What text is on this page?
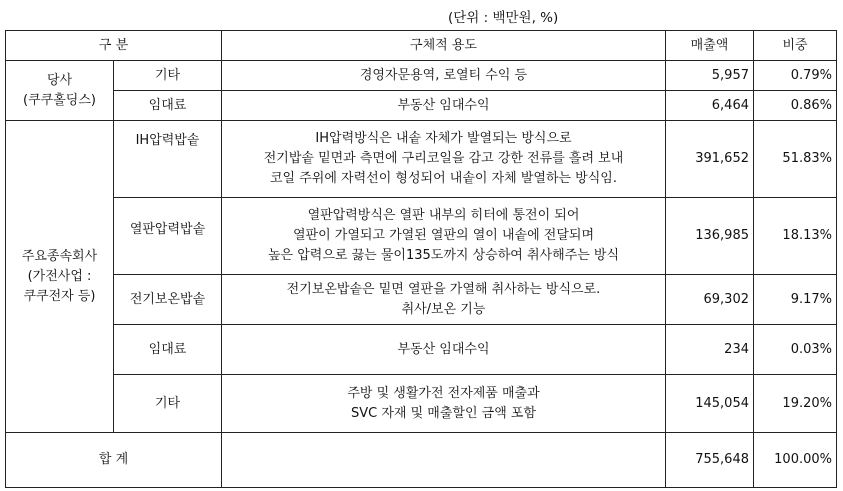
(단위 : 백만원, %)
구 분		구체적 용도	매출액	비중

당사
(쿠쿠홀딩스)	기타	경영자문용역, 로열티 수익 등	5,957	0.79%
	임대료	부동산 임대수익	6,464	0.86%

주요종속회사
(가전사업 :
쿠쿠전자 등)	IH압력밥솥	IH압력방식은 내솥 자체가 발열되는 방식으로
전기밥솥 밑면과 측면에 구리코일을 감고 강한 전류를 흘려 보내
코일 주위에 자력선이 형성되어 내솥이 자체 발열하는 방식임.	391,652	51.83%
	열판압력밥솥	열판압력방식은 열판 내부의 히터에 통전이 되어
열판이 가열되고 가열된 열판의 열이 내솥에 전달되며
높은 압력으로 끓는 물이135도까지 상승하여 취사해주는 방식	136,985	18.13%
	전기보온밥솥	전기보온밥솥은 밑면 열판을 가열해 취사하는 방식으로.
취사/보온 기능	69,302	9.17%
	임대료	부동산 임대수익	234	0.03%
	기타	주방 및 생활가전 전자제품 매출과
SVC 자재 및 매출할인 금액 포함	145,054	19.20%
합 계			755,648	100.00%
